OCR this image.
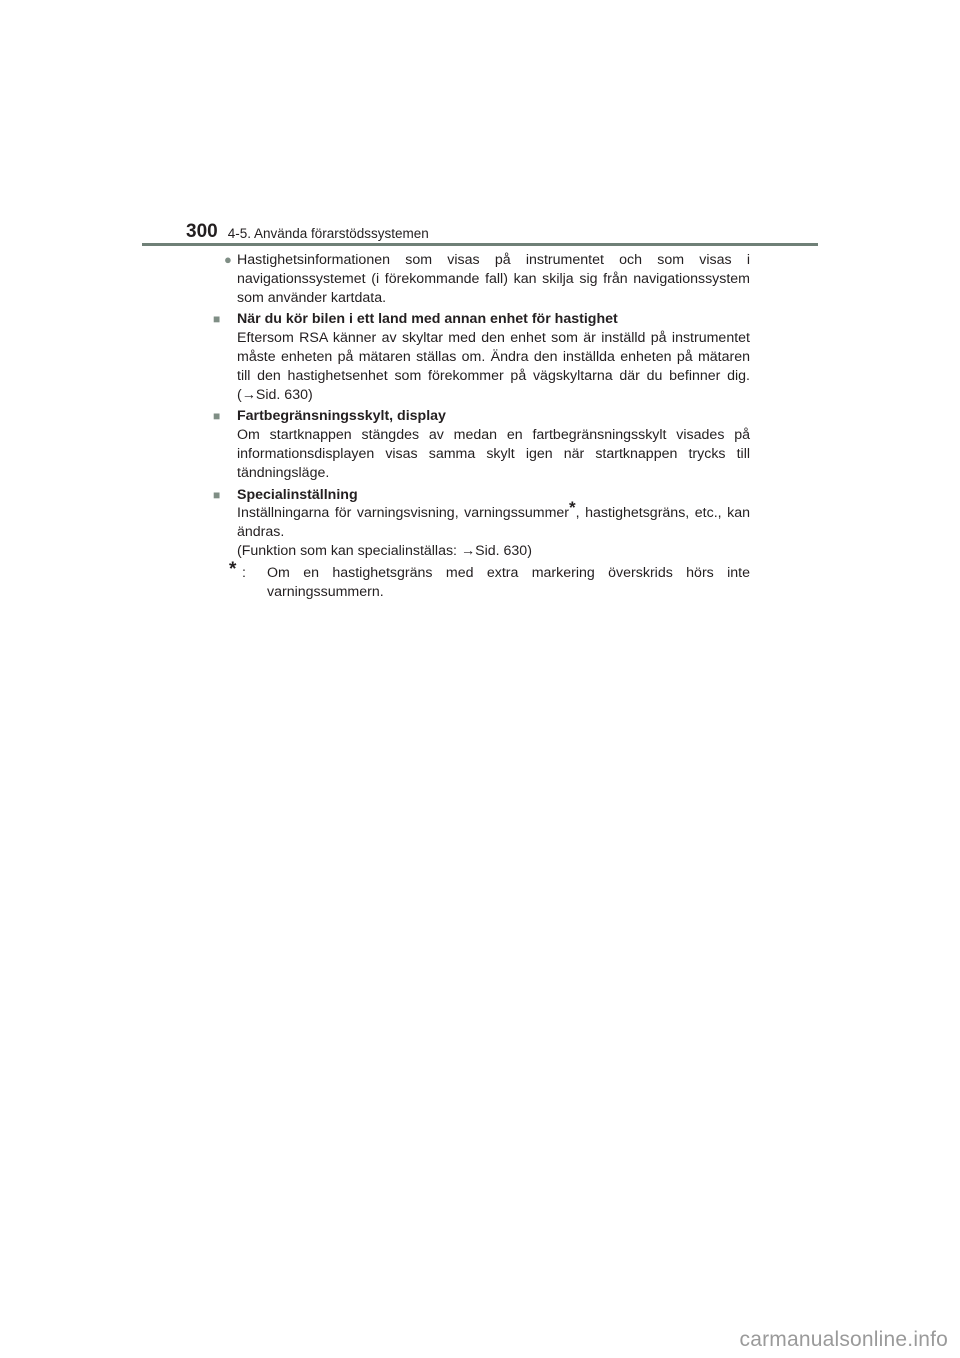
300 4-5. Använda förarstödssystemen
● Hastighetsinformationen som visas på instrumentet och som visas i navigationssystemet (i förekommande fall) kan skilja sig från navigationssystem som använder kartdata.
■ När du kör bilen i ett land med annan enhet för hastighet
Eftersom RSA känner av skyltar med den enhet som är inställd på instrumentet måste enheten på mätaren ställas om. Ändra den inställda enheten på mätaren till den hastighetsenhet som förekommer på vägskyltarna där du befinner dig. (→Sid. 630)
■ Fartbegränsningsskylt, display
Om startknappen stängdes av medan en fartbegränsningsskylt visades på informationsdisplayen visas samma skylt igen när startknappen trycks till tändningsläge.
■ Specialinställning
Inställningarna för varningsvisning, varningssummer*, hastighetsgräns, etc., kan ändras.
(Funktion som kan specialinställas: →Sid. 630)
* : Om en hastighetsgräns med extra markering överskrids hörs inte varningssummern.
carmanualsonline.info
